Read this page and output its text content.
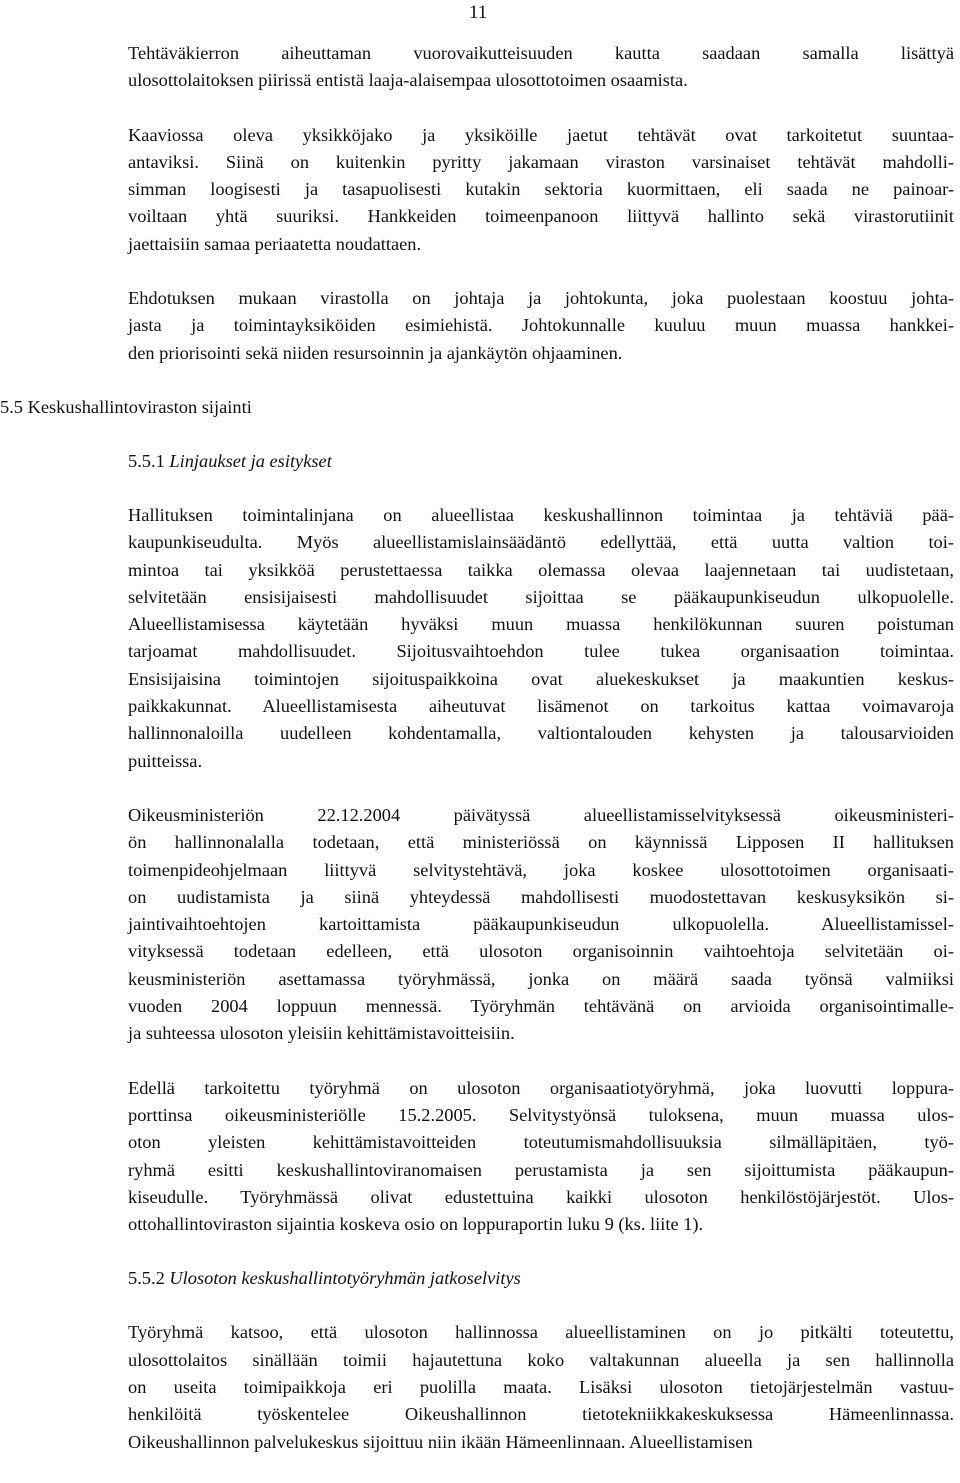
11
Tehtäväkierron aiheuttaman vuorovaikutteisuuden kautta saadaan samalla lisättyä
ulosottolaitoksen piirissä entistä laaja-alaisempaa ulosottotoimen osaamista.
Kaaviossa oleva yksikköjako ja yksiköille jaetut tehtävät ovat tarkoitetut suuntaa-
antaviksi. Siinä on kuitenkin pyritty jakamaan viraston varsinaiset tehtävät mahdolli-
simman loogisesti ja tasapuolisesti kutakin sektoria kuormittaen, eli saada ne painoar-
voiltaan yhtä suuriksi. Hankkeiden toimeenpanoon liittyvä hallinto sekä virastorutiinit
jaettaisiin samaa periaatetta noudattaen.
Ehdotuksen mukaan virastolla on johtaja ja johtokunta, joka puolestaan koostuu johta-
jasta ja toimintayksiköiden esimiehistä. Johtokunnalle kuuluu muun muassa hankkei-
den priorisointi sekä niiden resursoinnin ja ajankäytön ohjaaminen.
5.5 Keskushallintoviraston sijainti
5.5.1 Linjaukset ja esitykset
Hallituksen toimintalinjana on alueellistaa keskushallinnon toimintaa ja tehtäviä pää-
kaupunkiseudulta. Myös alueellistamislainsäädäntö edellyttää, että uutta valtion toi-
mintoa tai yksikköä perustettaessa taikka olemassa olevaa laajennetaan tai uudistetaan,
selvitetään ensisijaisesti mahdollisuudet sijoittaa se pääkaupunkiseudun ulkopuolelle.
Alueellistamisessa käytetään hyväksi muun muassa henkilökunnan suuren poistuman
tarjoamat mahdollisuudet. Sijoitusvaihtoehdon tulee tukea organisaation toimintaa.
Ensisijaisina toimintojen sijoituspaikkoina ovat aluekeskukset ja maakuntien keskus-
paikkakunnat. Alueellistamisesta aiheutuvat lisämenot on tarkoitus kattaa voimavaroja
hallinnonaloilla uudelleen kohdentamalla, valtiontalouden kehysten ja talousarvioiden
puitteissa.
Oikeusministeriön 22.12.2004 päivätyssä alueellistamisselvityksessä oikeusministeri-
ön hallinnonalalla todetaan, että ministeriössä on käynnissä Lipposen II hallituksen
toimenpideohjelmaan liittyvä selvitystehtävä, joka koskee ulosottotoimen organisaati-
on uudistamista ja siinä yhteydessä mahdollisesti muodostettavan keskusyksikön si-
jaintivaihtoehtojen kartoittamista pääkaupunkiseudun ulkopuolella. Alueellistamissel-
vityksessä todetaan edelleen, että ulosoton organisoinnin vaihtoehtoja selvitetään oi-
keusministeriön asettamassa työryhmässä, jonka on määrä saada työnsä valmiiksi
vuoden 2004 loppuun mennessä. Työryhmän tehtävänä on arvioida organisointimalle-
ja suhteessa ulosoton yleisiin kehittämistavoitteisiin.
Edellä tarkoitettu työryhmä on ulosoton organisaatiotyöryhmä, joka luovutti loppura-
porttinsa oikeusministeriölle 15.2.2005. Selvitystyönsä tuloksena, muun muassa ulos-
oton yleisten kehittämistavoitteiden toteutumismahdollisuuksia silmälläpitäen, työ-
ryhmä esitti keskushallintoviranomaisen perustamista ja sen sijoittumista pääkaupun-
kiseudulle. Työryhmässä olivat edustettuina kaikki ulosoton henkilöstöjärjestöt. Ulos-
ottohallintoviraston sijaintia koskeva osio on loppuraportin luku 9 (ks. liite 1).
5.5.2 Ulosoton keskushallintotyöryhmän jatkoselvitys
Työryhmä katsoo, että ulosoton hallinnossa alueellistaminen on jo pitkälti toteutettu,
ulosottolaitos sinällään toimii hajautettuna koko valtakunnan alueella ja sen hallinnolla
on useita toimipaikkoja eri puolilla maata. Lisäksi ulosoton tietojärjestelmän vastuu-
henkilöitä työskentelee Oikeushallinnon tietotekniikkakeskuksessa Hämeenlinnassa.
Oikeushallinnon palvelukeskus sijoittuu niin ikään Hämeenlinnaan. Alueellistamisen
